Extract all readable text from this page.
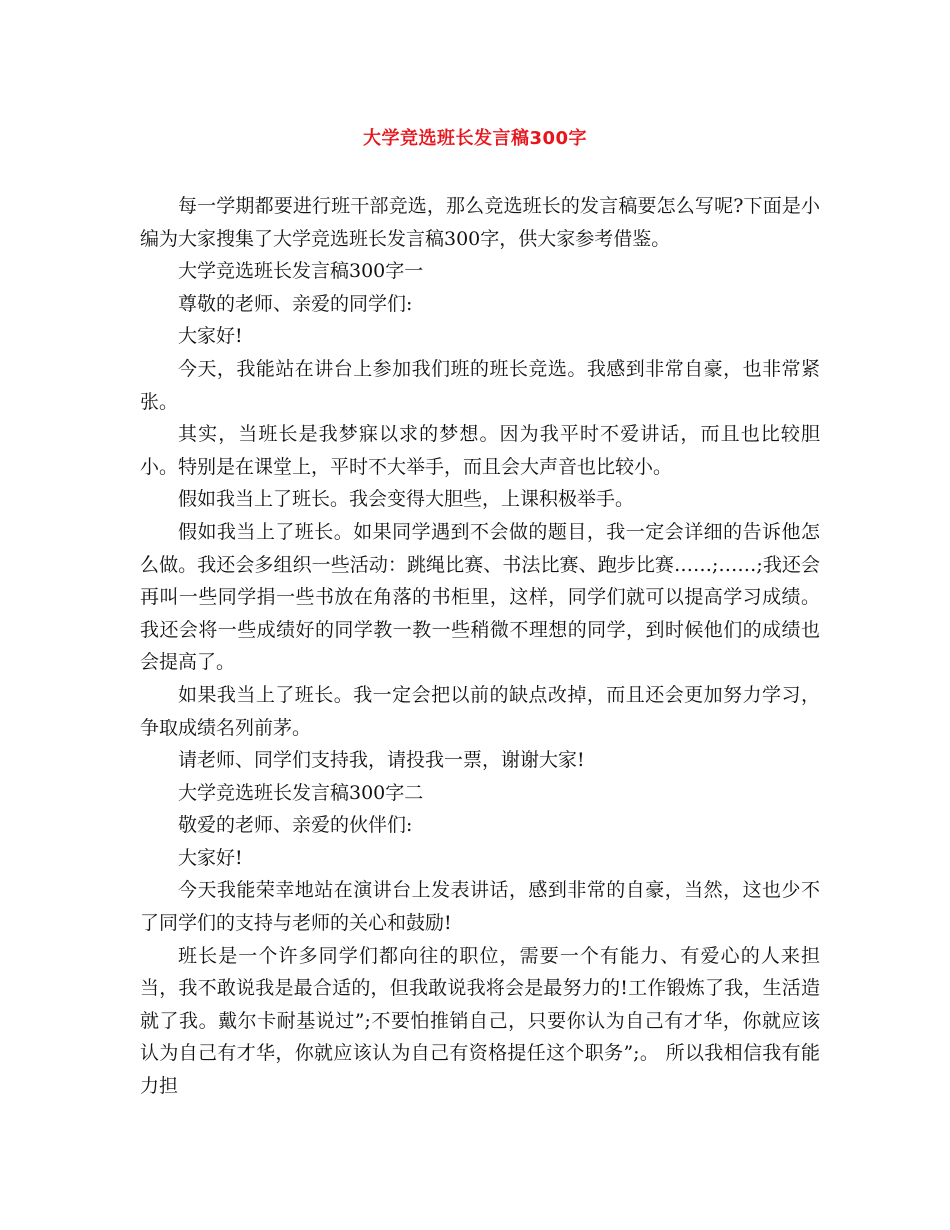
大学竞选班长发言稿300字

每一学期都要进行班干部竞选，那么竞选班长的发言稿要怎么写呢?下面是小编为大家搜集了大学竞选班长发言稿300字，供大家参考借鉴。

大学竞选班长发言稿300字一

尊敬的老师、亲爱的同学们:

大家好!

今天，我能站在讲台上参加我们班的班长竞选。我感到非常自豪，也非常紧张。

其实，当班长是我梦寐以求的梦想。因为我平时不爱讲话，而且也比较胆小。特别是在课堂上，平时不大举手，而且会大声音也比较小。

假如我当上了班长。我会变得大胆些，上课积极举手。

假如我当上了班长。如果同学遇到不会做的题目，我一定会详细的告诉他怎么做。我还会多组织一些活动：跳绳比赛、书法比赛、跑步比赛……;……;我还会再叫一些同学捐一些书放在角落的书柜里，这样，同学们就可以提高学习成绩。我还会将一些成绩好的同学教一教一些稍微不理想的同学，到时候他们的成绩也会提高了。

如果我当上了班长。我一定会把以前的缺点改掉，而且还会更加努力学习，争取成绩名列前茅。

请老师、同学们支持我，请投我一票，谢谢大家!

大学竞选班长发言稿300字二

敬爱的老师、亲爱的伙伴们:

大家好!

今天我能荣幸地站在演讲台上发表讲话，感到非常的自豪，当然，这也少不了同学们的支持与老师的关心和鼓励!

班长是一个许多同学们都向往的职位，需要一个有能力、有爱心的人来担当，我不敢说我是最合适的，但我敢说我将会是最努力的!工作锻炼了我，生活造就了我。戴尔卡耐基说过”;不要怕推销自己，只要你认为自己有才华，你就应该认为自己有才华，你就应该认为自己有资格提任这个职务”;。 所以我相信我有能力担
